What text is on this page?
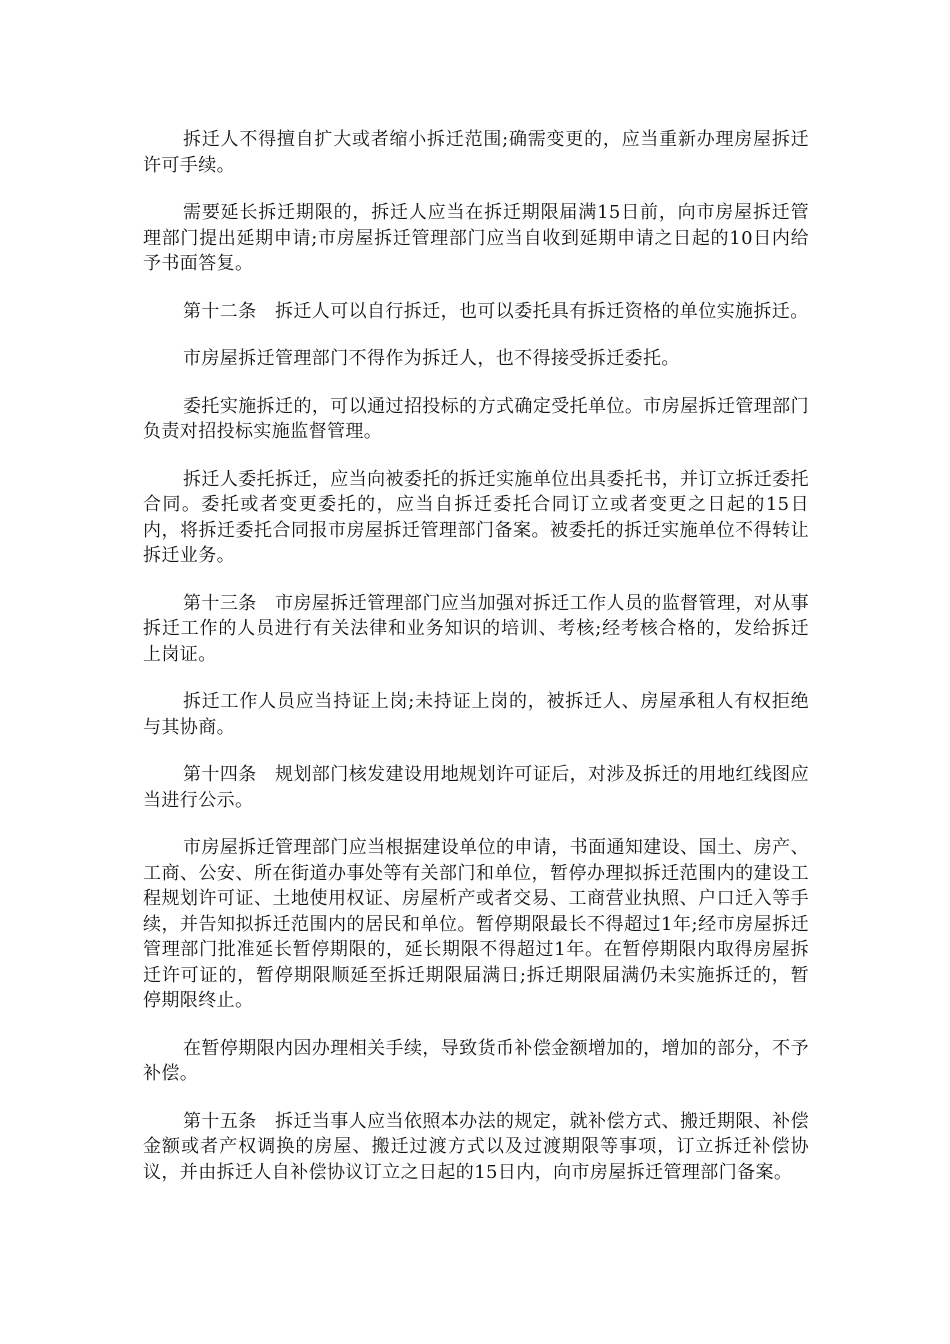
拆迁人不得擅自扩大或者缩小拆迁范围;确需变更的，应当重新办理房屋拆迁许可手续。

需要延长拆迁期限的，拆迁人应当在拆迁期限届满15日前，向市房屋拆迁管理部门提出延期申请;市房屋拆迁管理部门应当自收到延期申请之日起的10日内给予书面答复。

第十二条　拆迁人可以自行拆迁，也可以委托具有拆迁资格的单位实施拆迁。

市房屋拆迁管理部门不得作为拆迁人，也不得接受拆迁委托。

委托实施拆迁的，可以通过招投标的方式确定受托单位。市房屋拆迁管理部门负责对招投标实施监督管理。

拆迁人委托拆迁，应当向被委托的拆迁实施单位出具委托书，并订立拆迁委托合同。委托或者变更委托的，应当自拆迁委托合同订立或者变更之日起的15日内，将拆迁委托合同报市房屋拆迁管理部门备案。被委托的拆迁实施单位不得转让拆迁业务。

第十三条　市房屋拆迁管理部门应当加强对拆迁工作人员的监督管理，对从事拆迁工作的人员进行有关法律和业务知识的培训、考核;经考核合格的，发给拆迁上岗证。

拆迁工作人员应当持证上岗;未持证上岗的，被拆迁人、房屋承租人有权拒绝与其协商。

第十四条　规划部门核发建设用地规划许可证后，对涉及拆迁的用地红线图应当进行公示。

市房屋拆迁管理部门应当根据建设单位的申请，书面通知建设、国土、房产、工商、公安、所在街道办事处等有关部门和单位，暂停办理拟拆迁范围内的建设工程规划许可证、土地使用权证、房屋析产或者交易、工商营业执照、户口迁入等手续，并告知拟拆迁范围内的居民和单位。暂停期限最长不得超过1年;经市房屋拆迁管理部门批准延长暂停期限的，延长期限不得超过1年。在暂停期限内取得房屋拆迁许可证的，暂停期限顺延至拆迁期限届满日;拆迁期限届满仍未实施拆迁的，暂停期限终止。

在暂停期限内因办理相关手续，导致货币补偿金额增加的，增加的部分，不予补偿。

第十五条　拆迁当事人应当依照本办法的规定，就补偿方式、搬迁期限、补偿金额或者产权调换的房屋、搬迁过渡方式以及过渡期限等事项，订立拆迁补偿协议，并由拆迁人自补偿协议订立之日起的15日内，向市房屋拆迁管理部门备案。
